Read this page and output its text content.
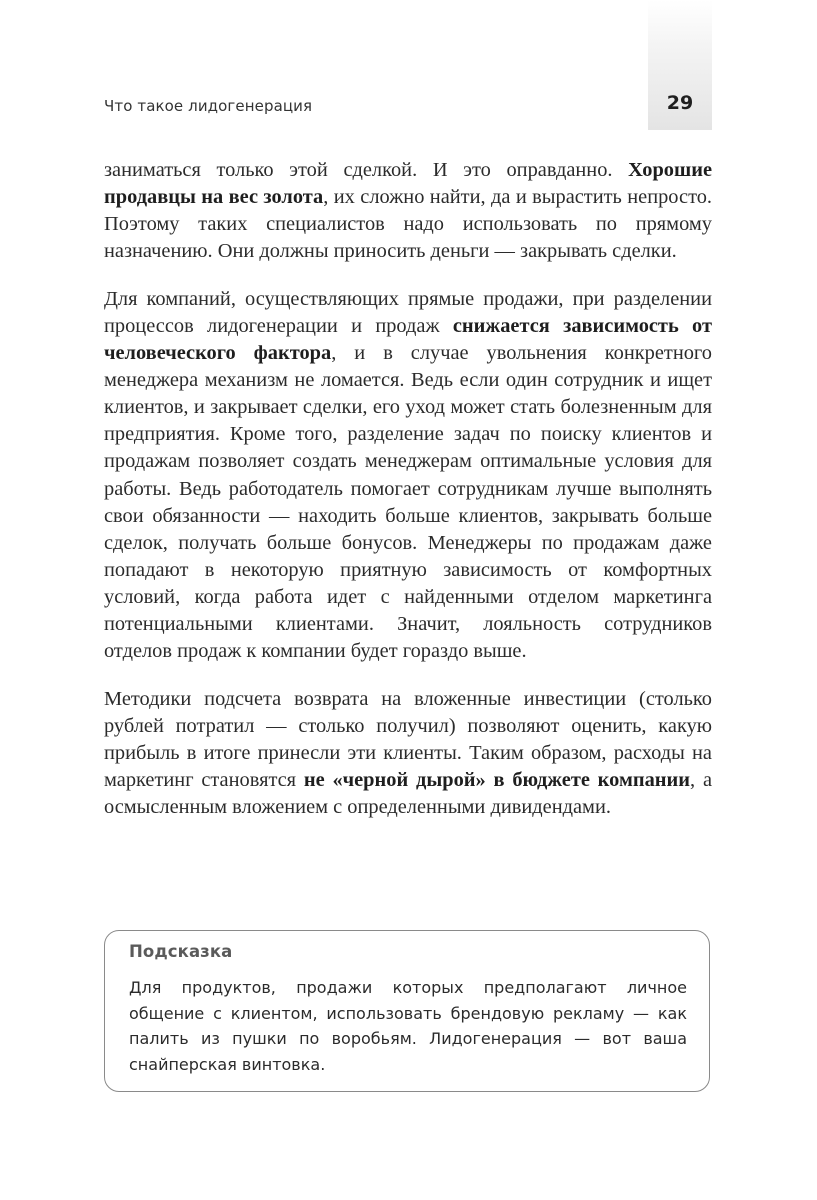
Что такое лидогенерация	29

заниматься только этой сделкой. И это оправданно. Хорошие продавцы на вес золота, их сложно найти, да и вырастить непросто. Поэтому таких специалистов надо использовать по прямому назначению. Они должны приносить деньги — закрывать сделки.

Для компаний, осуществляющих прямые продажи, при разделении процессов лидогенерации и продаж снижается зависимость от человеческого фактора, и в случае увольнения конкретного менеджера механизм не ломается. Ведь если один сотрудник и ищет клиентов, и закрывает сделки, его уход может стать болезненным для предприятия. Кроме того, разделение задач по поиску клиентов и продажам позволяет создать менеджерам оптимальные условия для работы. Ведь работодатель помогает сотрудникам лучше выполнять свои обязанности — находить больше клиентов, закрывать больше сделок, получать больше бонусов. Менеджеры по продажам даже попадают в некоторую приятную зависимость от комфортных условий, когда работа идет с найденными отделом маркетинга потенциальными клиентами. Значит, лояльность сотрудников отделов продаж к компании будет гораздо выше.

Методики подсчета возврата на вложенные инвестиции (столько рублей потратил — столько получил) позволяют оценить, какую прибыль в итоге принесли эти клиенты. Таким образом, расходы на маркетинг становятся не «черной дырой» в бюджете компании, а осмысленным вложением с определенными дивидендами.

Подсказка

Для продуктов, продажи которых предполагают личное общение с клиентом, использовать брендовую рекламу — как палить из пушки по воробьям. Лидогенерация — вот ваша снайперская винтовка.
